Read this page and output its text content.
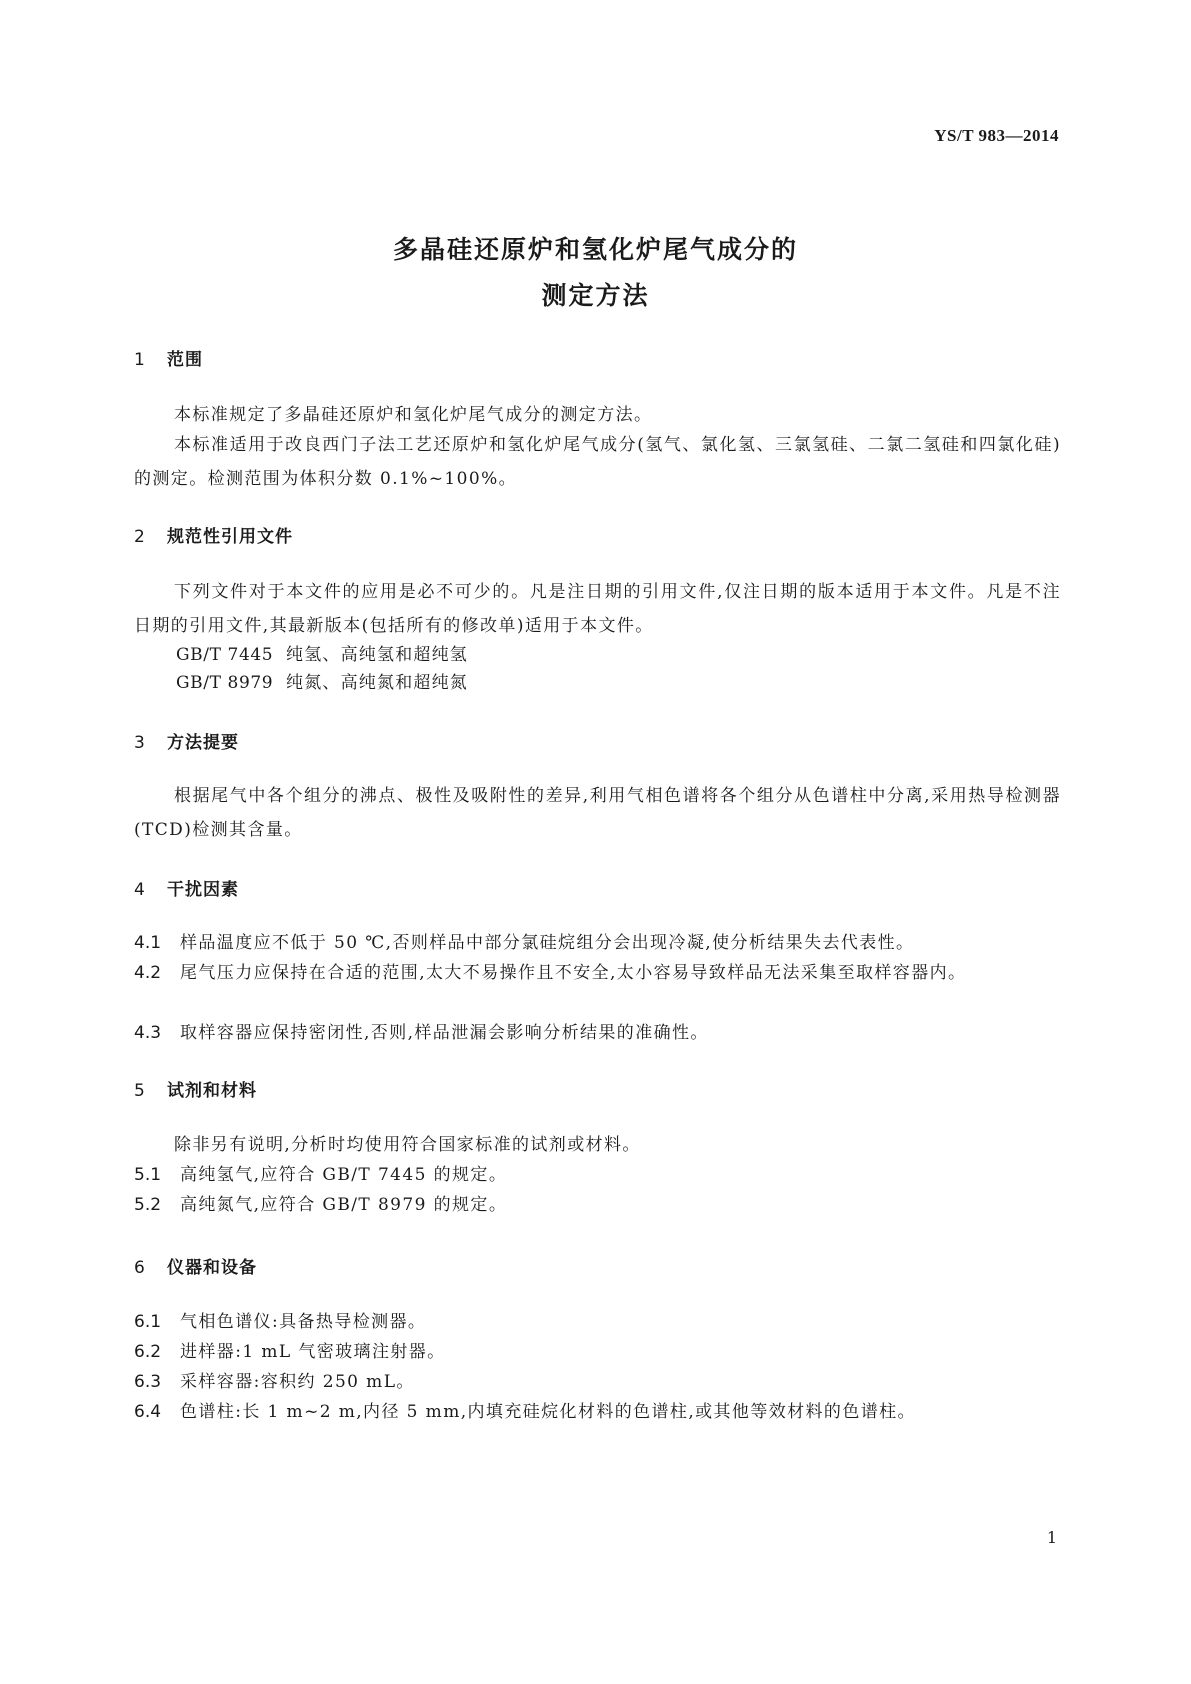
YS/T 983—2014
多晶硅还原炉和氢化炉尾气成分的
测定方法
1 范围

本标准规定了多晶硅还原炉和氢化炉尾气成分的测定方法。

本标准适用于改良西门子法工艺还原炉和氢化炉尾气成分(氢气、氯化氢、三氯氢硅、二氯二氢硅和四氯化硅)的测定。检测范围为体积分数 0.1%~100%。

2 规范性引用文件

下列文件对于本文件的应用是必不可少的。凡是注日期的引用文件,仅注日期的版本适用于本文件。凡是不注日期的引用文件,其最新版本(包括所有的修改单)适用于本文件。

GB/T 7445 纯氢、高纯氢和超纯氢

GB/T 8979 纯氮、高纯氮和超纯氮

3 方法提要

根据尾气中各个组分的沸点、极性及吸附性的差异,利用气相色谱将各个组分从色谱柱中分离,采用热导检测器(TCD)检测其含量。

4 干扰因素

4.1 样品温度应不低于 50 ℃,否则样品中部分氯硅烷组分会出现冷凝,使分析结果失去代表性。

4.2 尾气压力应保持在合适的范围,太大不易操作且不安全,太小容易导致样品无法采集至取样容器内。

4.3 取样容器应保持密闭性,否则,样品泄漏会影响分析结果的准确性。

5 试剂和材料

除非另有说明,分析时均使用符合国家标准的试剂或材料。

5.1 高纯氢气,应符合 GB/T 7445 的规定。

5.2 高纯氮气,应符合 GB/T 8979 的规定。

6 仪器和设备

6.1 气相色谱仪:具备热导检测器。

6.2 进样器:1 mL 气密玻璃注射器。

6.3 采样容器:容积约 250 mL。

6.4 色谱柱:长 1 m~2 m,内径 5 mm,内填充硅烷化材料的色谱柱,或其他等效材料的色谱柱。

1
